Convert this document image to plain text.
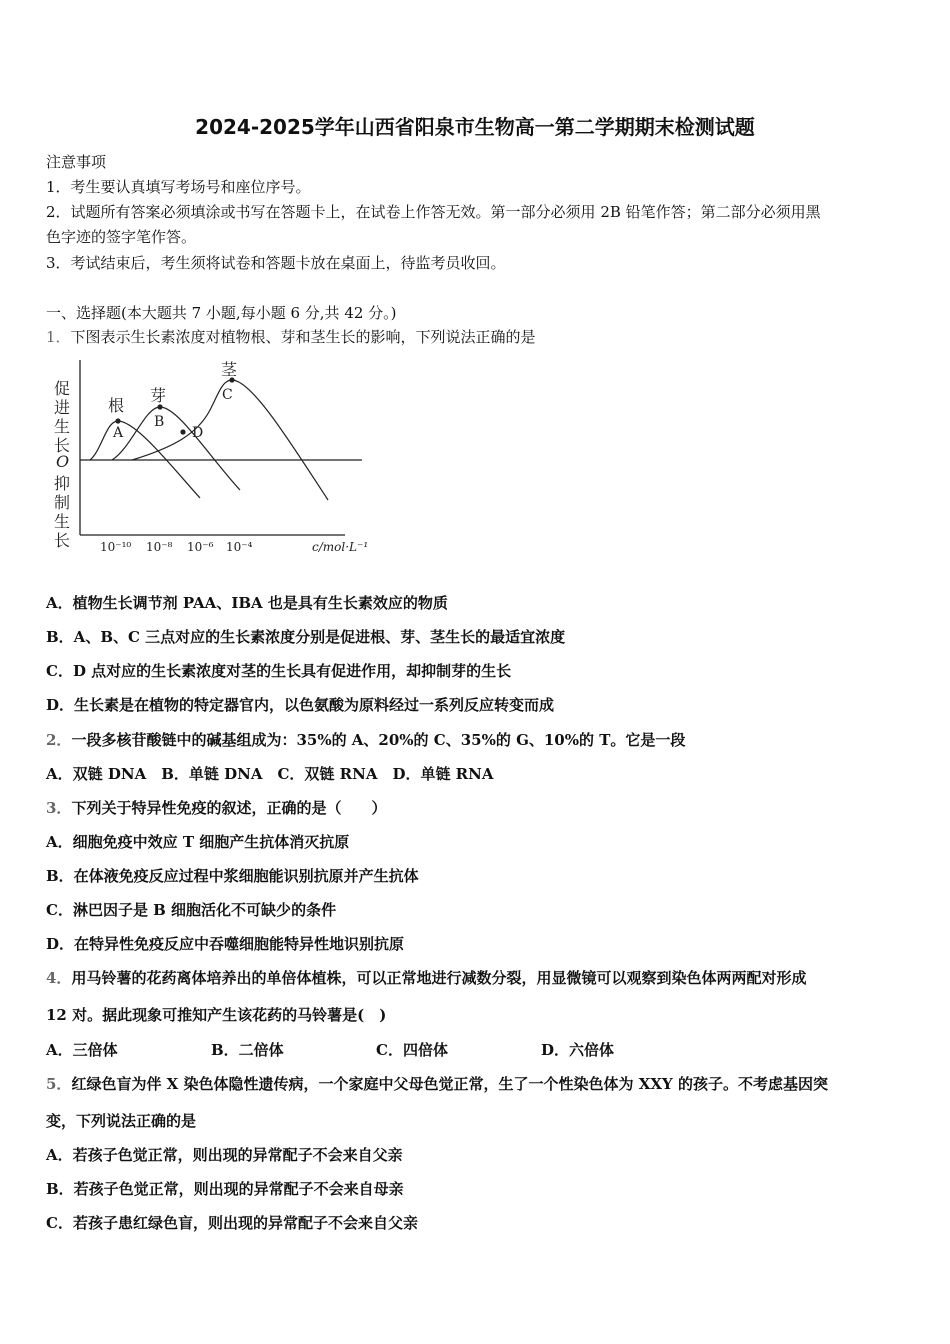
2024-2025学年山西省阳泉市生物高一第二学期期末检测试题
注意事项
1．考生要认真填写考场号和座位序号。
2．试题所有答案必须填涂或书写在答题卡上，在试卷上作答无效。第一部分必须用 2B 铅笔作答；第二部分必须用黑
色字迹的签字笔作答。
3．考试结束后，考生须将试卷和答题卡放在桌面上，待监考员收回。
一、选择题(本大题共 7 小题,每小题 6 分,共 42 分。)
1．下图表示生长素浓度对植物根、芽和茎生长的影响，下列说法正确的是
促
进
生
长
O
抑
制
生
长
根
芽
茎
A
B
C
D
10⁻¹⁰ 10⁻⁸ 10⁻⁶ 10⁻⁴	c/mol·L⁻¹
A．植物生长调节剂 PAA、IBA 也是具有生长素效应的物质
B．A、B、C 三点对应的生长素浓度分别是促进根、芽、茎生长的最适宜浓度
C．D 点对应的生长素浓度对茎的生长具有促进作用，却抑制芽的生长
D．生长素是在植物的特定器官内，以色氨酸为原料经过一系列反应转变而成
2．一段多核苷酸链中的碱基组成为：35%的 A、20%的 C、35%的 G、10%的 T。它是一段
A．双链 DNA　B．单链 DNA　C．双链 RNA　D．单链 RNA
3．下列关于特异性免疫的叙述，正确的是（　　）
A．细胞免疫中效应 T 细胞产生抗体消灭抗原
B．在体液免疫反应过程中浆细胞能识别抗原并产生抗体
C．淋巴因子是 B 细胞活化不可缺少的条件
D．在特异性免疫反应中吞噬细胞能特异性地识别抗原
4．用马铃薯的花药离体培养出的单倍体植株，可以正常地进行减数分裂，用显微镜可以观察到染色体两两配对形成
12 对。据此现象可推知产生该花药的马铃薯是(　)
A．三倍体	B．二倍体	C．四倍体	D．六倍体
5．红绿色盲为伴 X 染色体隐性遗传病，一个家庭中父母色觉正常，生了一个性染色体为 XXY 的孩子。不考虑基因突
变，下列说法正确的是
A．若孩子色觉正常，则出现的异常配子不会来自父亲
B．若孩子色觉正常，则出现的异常配子不会来自母亲
C．若孩子患红绿色盲，则出现的异常配子不会来自父亲
